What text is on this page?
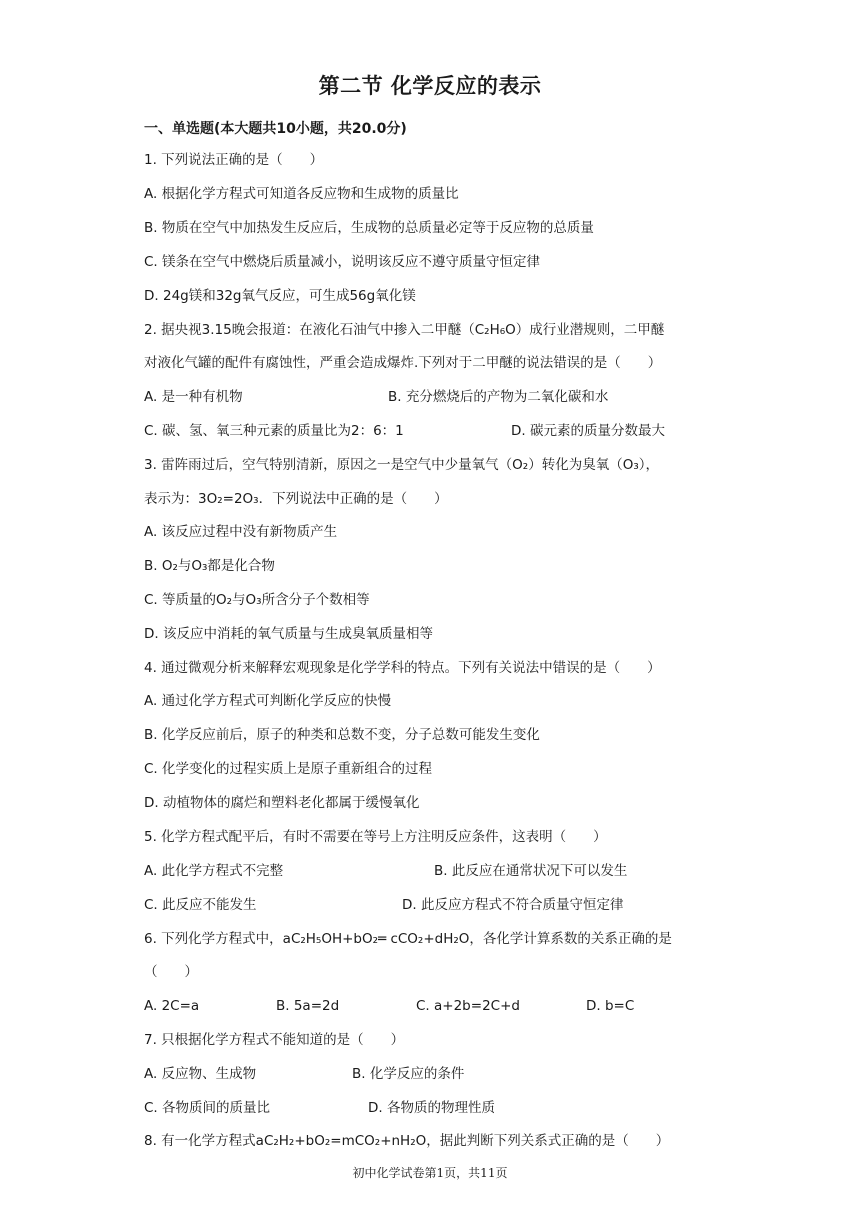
第二节 化学反应的表示
一、单选题(本大题共10小题，共20.0分)
1. 下列说法正确的是（　　）
A. 根据化学方程式可知道各反应物和生成物的质量比
B. 物质在空气中加热发生反应后，生成物的总质量必定等于反应物的总质量
C. 镁条在空气中燃烧后质量减小，说明该反应不遵守质量守恒定律
D. 24g镁和32g氧气反应，可生成56g氧化镁
2. 据央视3.15晚会报道：在液化石油气中掺入二甲醚（C₂H₆O）成行业潜规则，二甲醚
对液化气罐的配件有腐蚀性，严重会造成爆炸.下列对于二甲醚的说法错误的是（　　）
A. 是一种有机物	B. 充分燃烧后的产物为二氧化碳和水
C. 碳、氢、氧三种元素的质量比为2：6：1	D. 碳元素的质量分数最大
3. 雷阵雨过后，空气特别清新，原因之一是空气中少量氧气（O₂）转化为臭氧（O₃），
表示为：3O₂=2O₃．下列说法中正确的是（　　）
A. 该反应过程中没有新物质产生
B. O₂与O₃都是化合物
C. 等质量的O₂与O₃所含分子个数相等
D. 该反应中消耗的氧气质量与生成臭氧质量相等
4. 通过微观分析来解释宏观现象是化学学科的特点。下列有关说法中错误的是（　　）
A. 通过化学方程式可判断化学反应的快慢
B. 化学反应前后，原子的种类和总数不变，分子总数可能发生变化
C. 化学变化的过程实质上是原子重新组合的过程
D. 动植物体的腐烂和塑料老化都属于缓慢氧化
5. 化学方程式配平后，有时不需要在等号上方注明反应条件，这表明（　　）
A. 此化学方程式不完整	B. 此反应在通常状况下可以发生
C. 此反应不能发生	D. 此反应方程式不符合质量守恒定律
6. 下列化学方程式中，aC₂H₅OH+bO₂═ cCO₂+dH₂O，各化学计算系数的关系正确的是
（　　）
A. 2C=a	B. 5a=2d	C. a+2b=2C+d	D. b=C
7. 只根据化学方程式不能知道的是（　　）
A. 反应物、生成物	B. 化学反应的条件
C. 各物质间的质量比	D. 各物质的物理性质
8. 有一化学方程式aC₂H₂+bO₂=mCO₂+nH₂O，据此判断下列关系式正确的是（　　）
初中化学试卷第1页，共11页
